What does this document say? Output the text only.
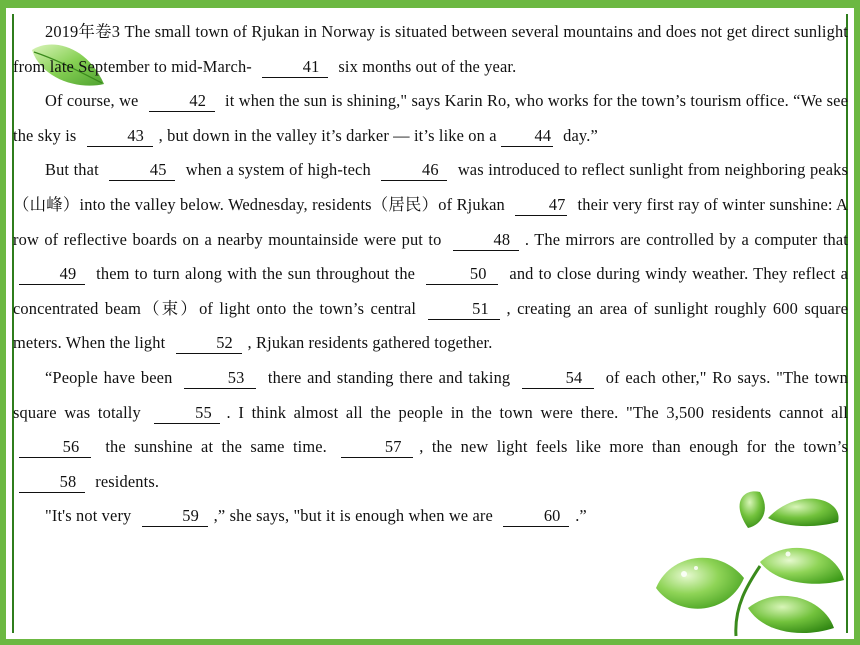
2019年卷3 The small town of Rjukan in Norway is situated between several mountains and does not get direct sunlight from late September to mid-March-	41 six months out of the year.

Of course, we	42 it when the sun is shining," says Karin Ro, who works for the town’s tourism office. “We see the sky is	43 , but down in the valley it’s darker — it’s like on a 44 day.”

But that	45 when a system of high-tech	46 was introduced to reflect sunlight from neighboring peaks（山峰）into the valley below. Wednesday, residents（居民）of Rjukan	47 their very first ray of winter sunshine: A row of reflective boards on a nearby mountainside were put to	48 . The mirrors are controlled by a computer that 49 them to turn along with the sun throughout the	50 and to close during windy weather. They reflect a concentrated beam（束）of light onto the town’s central	51 , creating an area of sunlight roughly 600 square meters. When the light	52 , Rjukan residents gathered together.

“People have been	53 there and standing there and taking	54 of each other," Ro says. "The town square was totally	55 . I think almost all the people in the town were there. "The 3,500 residents cannot all 56 the sunshine at the same time.	57 , the new light feels like more than enough for the town’s 58 residents.

"It's not very	59 ,” she says, "but it is enough when we are	60 .”
